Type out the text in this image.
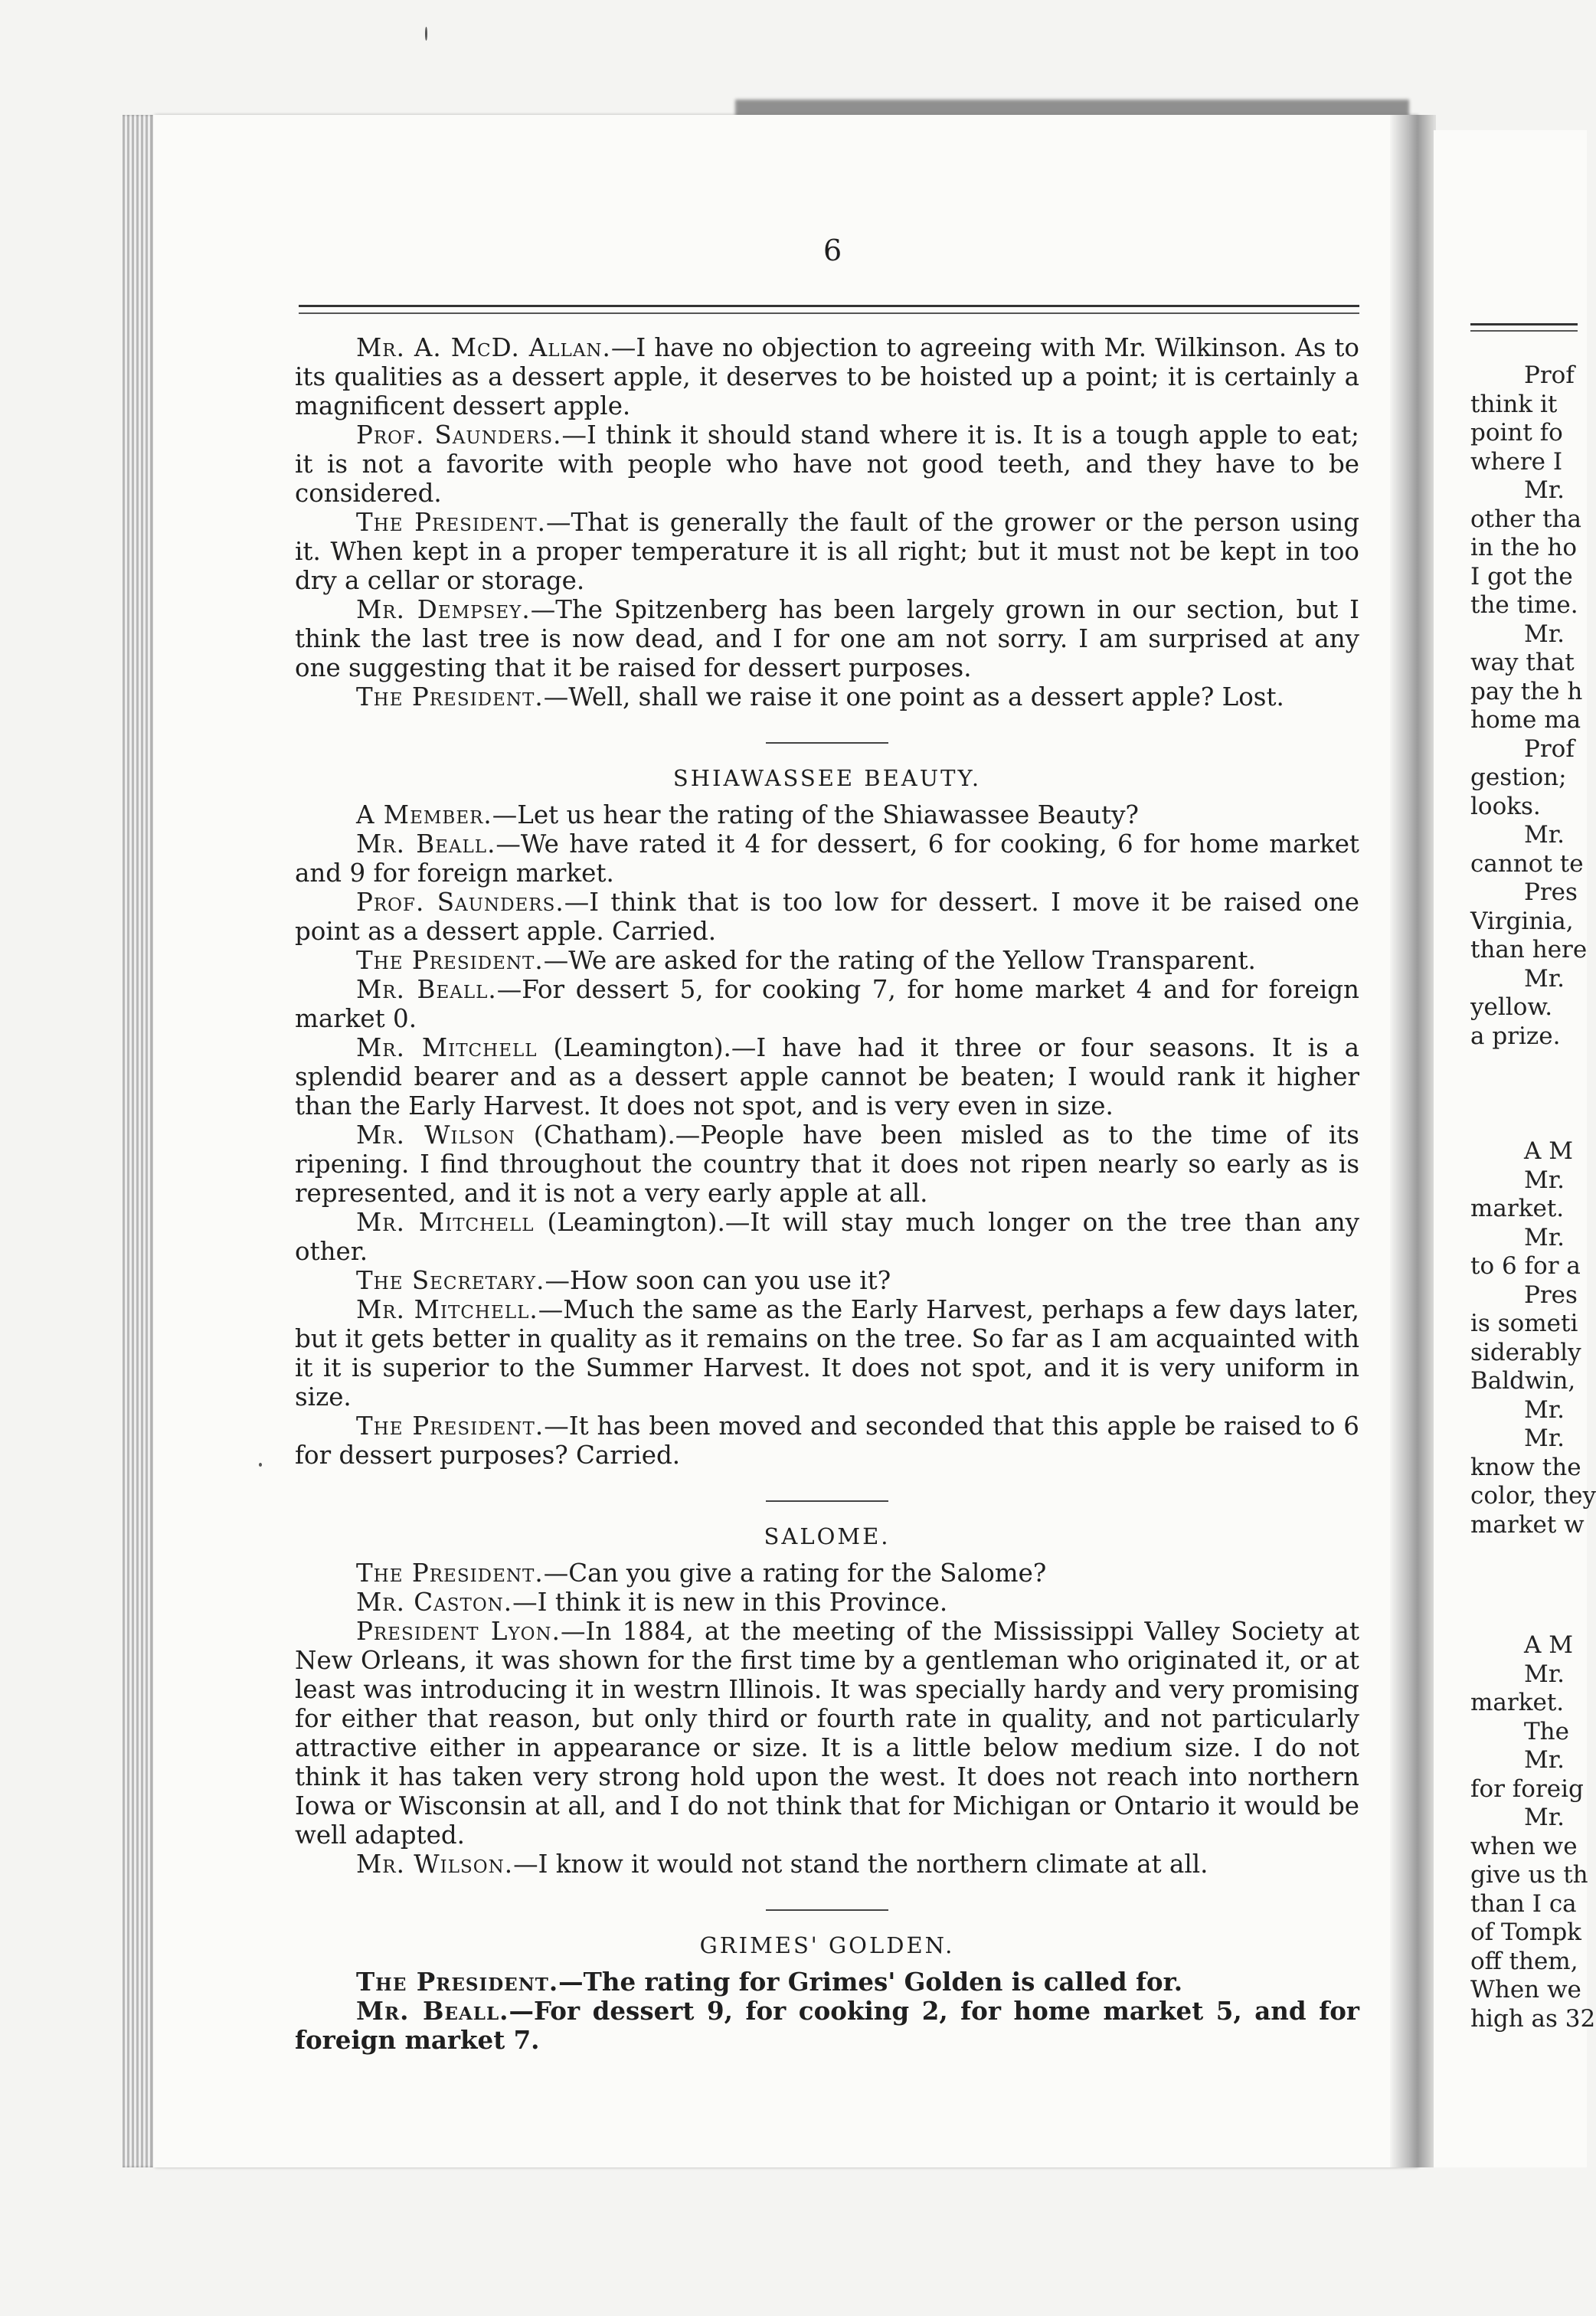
6

Mr. A. McD. Allan.—I have no objection to agreeing with Mr. Wilkinson. As to its qualities as a dessert apple, it deserves to be hoisted up a point; it is certainly a magnificent dessert apple.

Prof. Saunders.—I think it should stand where it is. It is a tough apple to eat; it is not a favorite with people who have not good teeth, and they have to be considered.

The President.—That is generally the fault of the grower or the person using it. When kept in a proper temperature it is all right; but it must not be kept in too dry a cellar or storage.

Mr. Dempsey.—The Spitzenberg has been largely grown in our section, but I think the last tree is now dead, and I for one am not sorry. I am surprised at any one suggesting that it be raised for dessert purposes.

The President.—Well, shall we raise it one point as a dessert apple? Lost.

SHIAWASSEE BEAUTY.

A Member.—Let us hear the rating of the Shiawassee Beauty?

Mr. Beall.—We have rated it 4 for dessert, 6 for cooking, 6 for home market and 9 for foreign market.

Prof. Saunders.—I think that is too low for dessert. I move it be raised one point as a dessert apple. Carried.

The President.—We are asked for the rating of the Yellow Transparent.

Mr. Beall.—For dessert 5, for cooking 7, for home market 4 and for foreign market 0.

Mr. Mitchell (Leamington).—I have had it three or four seasons. It is a splendid bearer and as a dessert apple cannot be beaten; I would rank it higher than the Early Harvest. It does not spot, and is very even in size.

Mr. Wilson (Chatham).—People have been misled as to the time of its ripening. I find throughout the country that it does not ripen nearly so early as is represented, and it is not a very early apple at all.

Mr. Mitchell (Leamington).—It will stay much longer on the tree than any other.

The Secretary.—How soon can you use it?

Mr. Mitchell.—Much the same as the Early Harvest, perhaps a few days later, but it gets better in quality as it remains on the tree. So far as I am acquainted with it it is superior to the Summer Harvest. It does not spot, and it is very uniform in size.

The President.—It has been moved and seconded that this apple be raised to 6 for dessert purposes? Carried.

SALOME.

The President.—Can you give a rating for the Salome?

Mr. Caston.—I think it is new in this Province.

President Lyon.—In 1884, at the meeting of the Mississippi Valley Society at New Orleans, it was shown for the first time by a gentleman who originated it, or at least was introducing it in westrn Illinois. It was specially hardy and very promising for either that reason, but only third or fourth rate in quality, and not particularly attractive either in appearance or size. It is a little below medium size. I do not think it has taken very strong hold upon the west. It does not reach into northern Iowa or Wisconsin at all, and I do not think that for Michigan or Ontario it would be well adapted.

Mr. Wilson.—I know it would not stand the northern climate at all.

GRIMES' GOLDEN.

The President.—The rating for Grimes' Golden is called for.

Mr. Beall.—For dessert 9, for cooking 2, for home market 5, and for foreign market 7.

Prof
think it
point fo
where I
Mr.
other tha
in the ho
I got the
the time.
Mr.
way that
pay the h
home ma
Prof
gestion;
looks.
Mr.
cannot te
Pres
Virginia,
than here
Mr.
yellow.
a prize.
A M
Mr.
market.
Mr.
to 6 for a
Pres
is someti
siderably
Baldwin,
Mr.
Mr.
know the
color, they
market w
A M
Mr.
market.
The
Mr.
for foreig
Mr.
when we
give us th
than I ca
of Tompk
off them,
When we
high as 32
